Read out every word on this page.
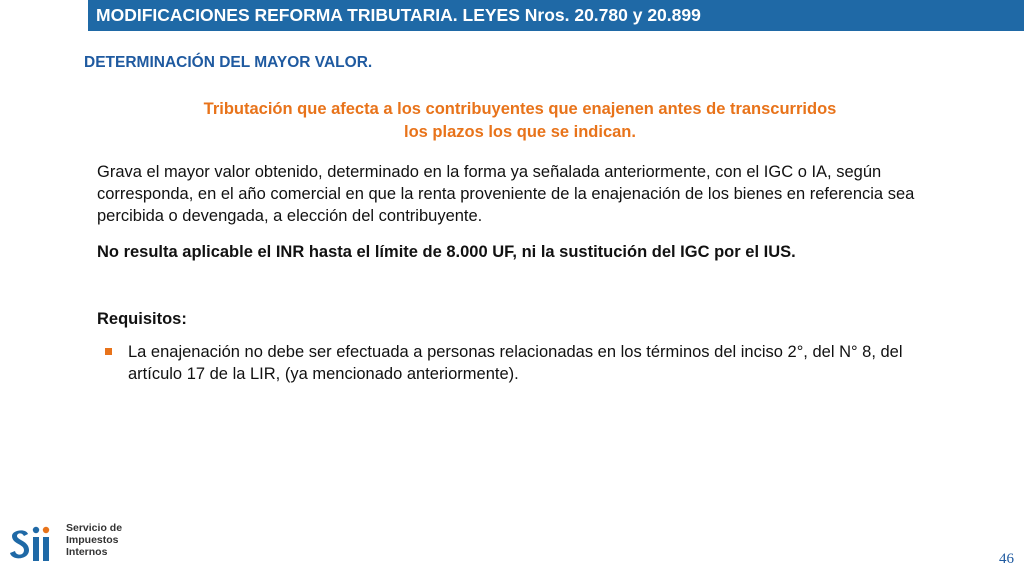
MODIFICACIONES REFORMA TRIBUTARIA. LEYES Nros. 20.780 y 20.899
DETERMINACIÓN DEL MAYOR VALOR.
Tributación que afecta a los contribuyentes que enajenen antes de transcurridos los plazos los que se indican.
Grava el mayor valor obtenido, determinado en la forma ya señalada anteriormente, con el IGC o IA, según corresponda, en el año comercial en que la renta proveniente de la enajenación de los bienes en referencia sea percibida o devengada, a elección del contribuyente.
No resulta aplicable el INR hasta el límite de 8.000 UF, ni la sustitución del IGC por el IUS.
Requisitos:
La enajenación no debe ser efectuada a personas relacionadas en los términos del inciso 2°, del N° 8, del artículo 17 de la LIR, (ya mencionado anteriormente).
Servicio de
Impuestos
Internos	46
